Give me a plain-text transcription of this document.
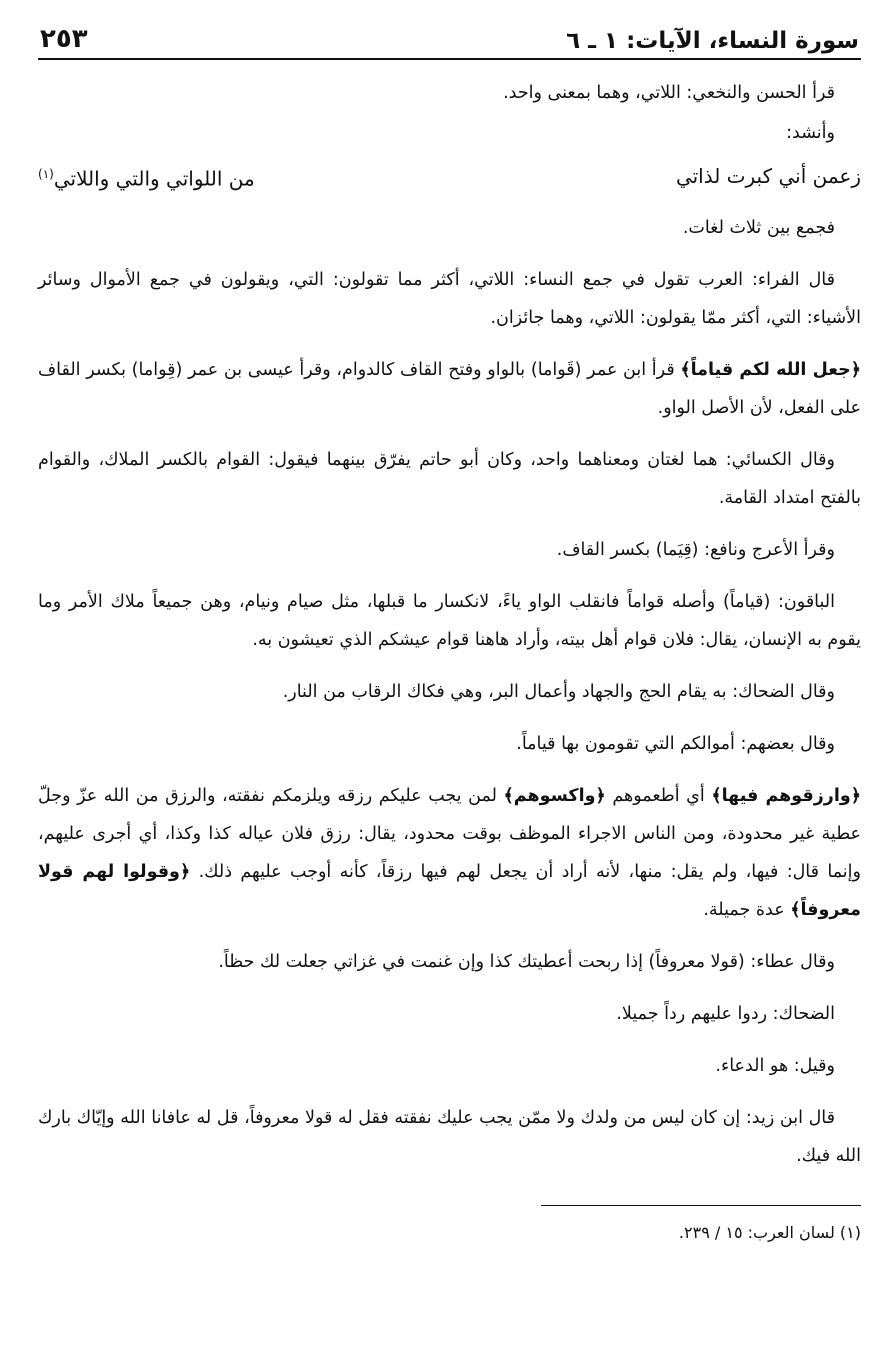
سورة النساء، الآيات: ١ ـ ٦
٢٥٣

قرأ الحسن والنخعي: اللاتي، وهما بمعنى واحد.

وأنشد:

زعمن أني كبرت لذاتي
من اللواتي والتي واللاتي$^{(١)}$

فجمع بين ثلاث لغات.

قال الفراء: العرب تقول في جمع النساء: اللاتي، أكثر مما تقولون: التي، ويقولون في جمع الأموال وسائر الأشياء: التي، أكثر ممّا يقولون: اللاتي، وهما جائزان.

﴿جعل الله لكم قياماً﴾ قرأ ابن عمر (قَواما) بالواو وفتح القاف كالدوام، وقرأ عيسى بن عمر (قِواما) بكسر القاف على الفعل، لأن الأصل الواو.

وقال الكسائي: هما لغتان ومعناهما واحد، وكان أبو حاتم يفرّق بينهما فيقول: القوام بالكسر الملاك، والقوام بالفتح امتداد القامة.

وقرأ الأعرج ونافع: (قِيَما) بكسر القاف.

الباقون: (قياماً) وأصله قواماً فانقلب الواو ياءً، لانكسار ما قبلها، مثل صيام ونيام، وهن جميعاً ملاك الأمر وما يقوم به الإنسان، يقال: فلان قوام أهل بيته، وأراد هاهنا قوام عيشكم الذي تعيشون به.

وقال الضحاك: به يقام الحج والجهاد وأعمال البر، وهي فكاك الرقاب من النار.

وقال بعضهم: أموالكم التي تقومون بها قياماً.

﴿وارزقوهم فيها﴾ أي أطعموهم ﴿واكسوهم﴾ لمن يجب عليكم رزقه ويلزمكم نفقته، والرزق من الله عزّ وجلّ عطية غير محدودة، ومن الناس الاجراء الموظف بوقت محدود، يقال: رزق فلان عياله كذا وكذا، أي أجرى عليهم، وإنما قال: فيها، ولم يقل: منها، لأنه أراد أن يجعل لهم فيها رزقاً، كأنه أوجب عليهم ذلك. ﴿وقولوا لهم قولا معروفاً﴾ عدة جميلة.

وقال عطاء: (قولا معروفاً) إذا ربحت أعطيتك كذا وإن غنمت في غزاتي جعلت لك حظاً.

الضحاك: ردوا عليهم رداً جميلا.

وقيل: هو الدعاء.

قال ابن زيد: إن كان ليس من ولدك ولا ممّن يجب عليك نفقته فقل له قولا معروفاً، قل له عافانا الله وإيّاك بارك الله فيك.

(١) لسان العرب: ١٥ / ٢٣٩.
